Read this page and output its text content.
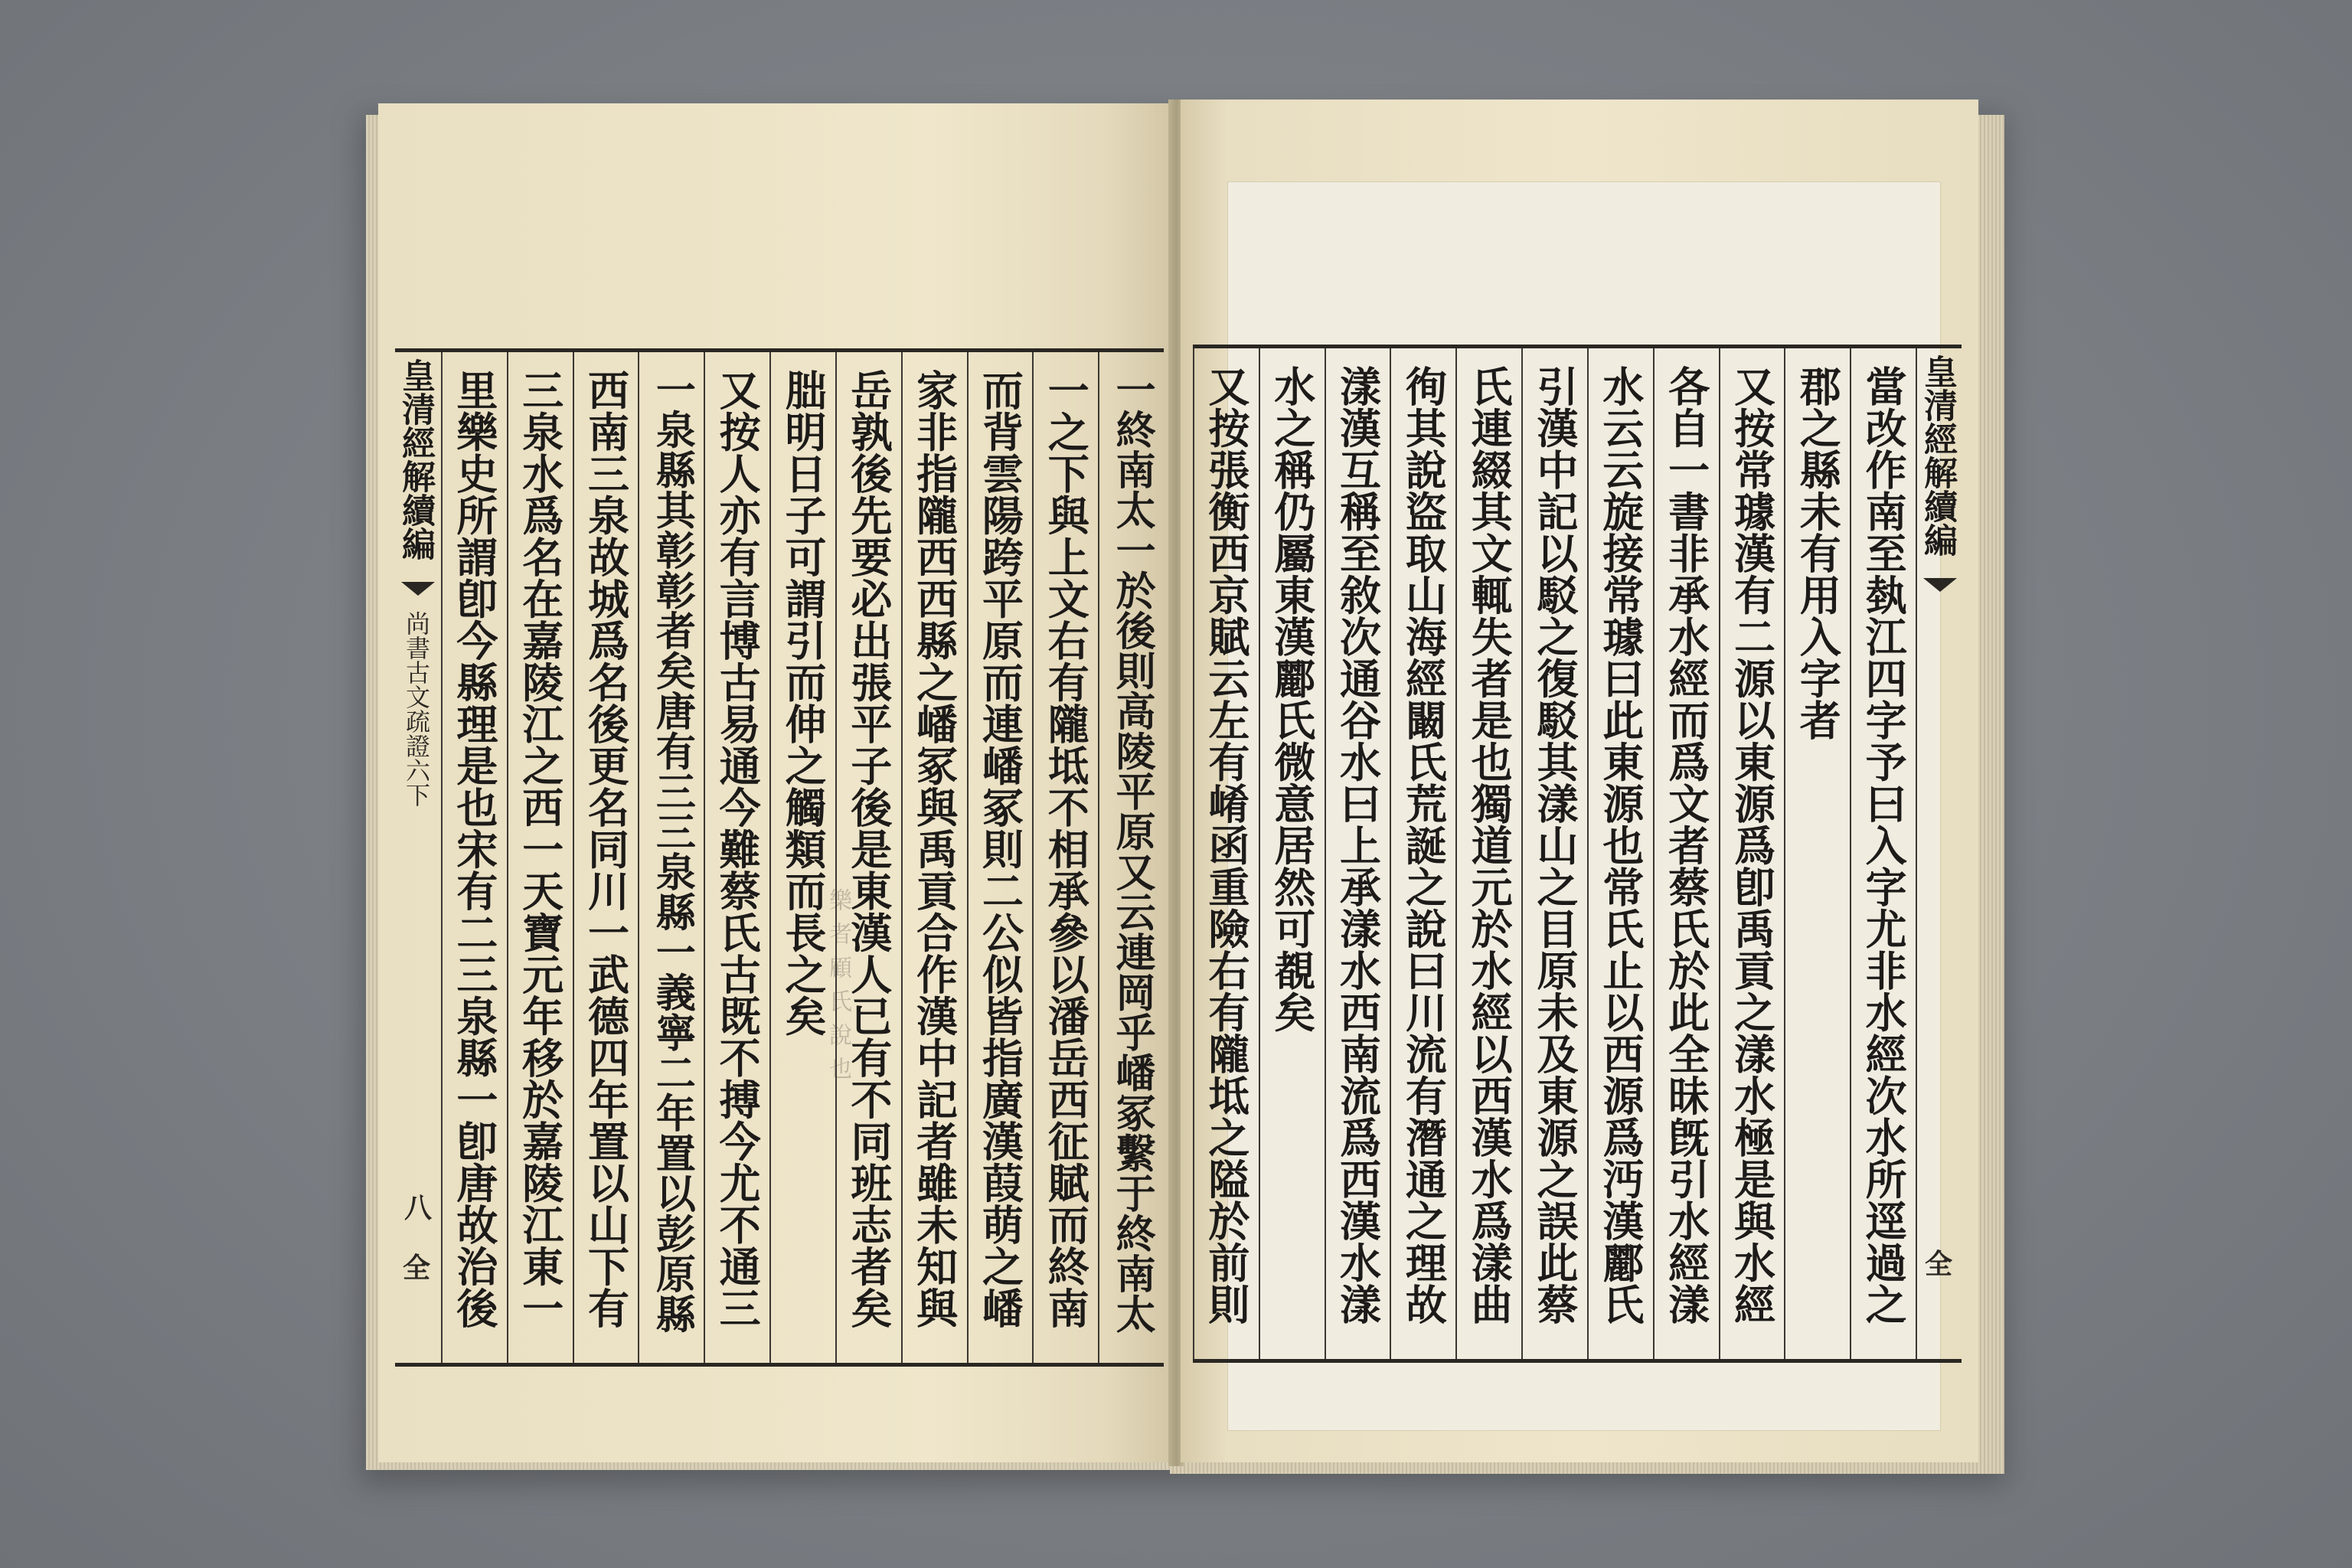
皇清經解續編
尚書古文疏證六下
八
全	一終南太一於後則高陵平原又云連岡乎嶓冢繫于終南太
一之下與上文右有隴坻不相承參以潘岳西征賦而終南
而背雲陽跨平原而連嶓冢則二公似皆指廣漢葭萌之嶓
家非指隴西西縣之嶓冢與禹貢合作漢中記者雖未知與
岳孰後先要必出張平子後是東漢人已有不同班志者矣
朏明日子可謂引而伸之觸類而長之矣
又按人亦有言博古易通今難蔡氏古既不搏今尤不通三
一泉縣其彰彰者矣唐有三三泉縣一義寧二年置以彭原縣
西南三泉故城爲名後更名同川一武德四年置以山下有
三泉水爲名在嘉陵江之西一天寶元年移於嘉陵江東一
里樂史所謂卽今縣理是也宋有二三泉縣一卽唐故治後	樂者顧氏說也	當改作南至埶江四字予曰入字尤非水經次水所逕過之
郡之縣未有用入字者
又按常璩漢有二源以東源爲卽禹貢之漾水極是與水經
各自一書非承水經而爲文者蔡氏於此全昧旣引水經漾
水云云旋接常璩曰此東源也常氏止以西源爲沔漢酈氏
引漢中記以駁之復駁其漾山之目原未及東源之誤此蔡
氏連綴其文輒失者是也獨道元於水經以西漢水爲漾曲
徇其說盜取山海經闞氏荒誕之說曰川流有潛通之理故
漾漢互稱至敘次通谷水曰上承漾水西南流爲西漢水漾
水之稱仍屬東漢酈氏微意居然可覩矣
又按張衡西京賦云左有崤函重險右有隴坻之隘於前則	皇清經解續編
全
